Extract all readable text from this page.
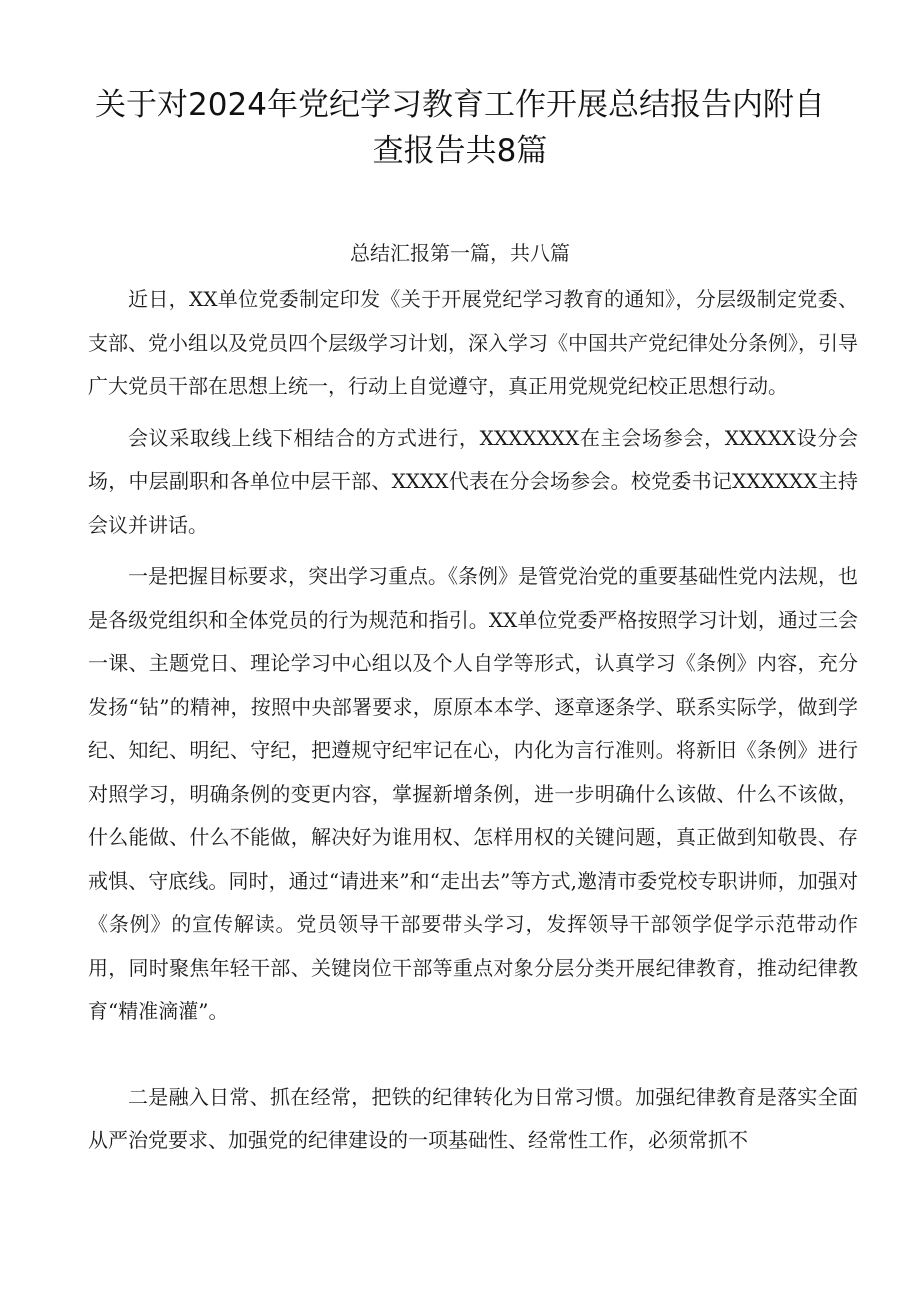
关于对2024年党纪学习教育工作开展总结报告内附自
查报告共8篇

总结汇报第一篇，共八篇

近日，XX单位党委制定印发《关于开展党纪学习教育的通知》，分层级制定党委、支部、党小组以及党员四个层级学习计划，深入学习《中国共产党纪律处分条例》，引导广大党员干部在思想上统一，行动上自觉遵守，真正用党规党纪校正思想行动。

会议采取线上线下相结合的方式进行，XXXXXXX在主会场参会，XXXXX设分会场，中层副职和各单位中层干部、XXXX代表在分会场参会。校党委书记XXXXXX主持会议并讲话。

一是把握目标要求，突出学习重点。《条例》是管党治党的重要基础性党内法规，也是各级党组织和全体党员的行为规范和指引。XX单位党委严格按照学习计划，通过三会一课、主题党日、理论学习中心组以及个人自学等形式，认真学习《条例》内容，充分发扬“钻”的精神，按照中央部署要求，原原本本学、逐章逐条学、联系实际学，做到学纪、知纪、明纪、守纪，把遵规守纪牢记在心，内化为言行准则。将新旧《条例》进行对照学习，明确条例的变更内容，掌握新增条例，进一步明确什么该做、什么不该做，什么能做、什么不能做，解决好为谁用权、怎样用权的关键问题，真正做到知敬畏、存戒惧、守底线。同时，通过“请进来”和“走出去”等方式,邀清市委党校专职讲师，加强对《条例》的宣传解读。党员领导干部要带头学习，发挥领导干部领学促学示范带动作用，同时聚焦年轻干部、关键岗位干部等重点对象分层分类开展纪律教育，推动纪律教育“精准滴灌”。

二是融入日常、抓在经常，把铁的纪律转化为日常习惯。加强纪律教育是落实全面从严治党要求、加强党的纪律建设的一项基础性、经常性工作，必须常抓不
